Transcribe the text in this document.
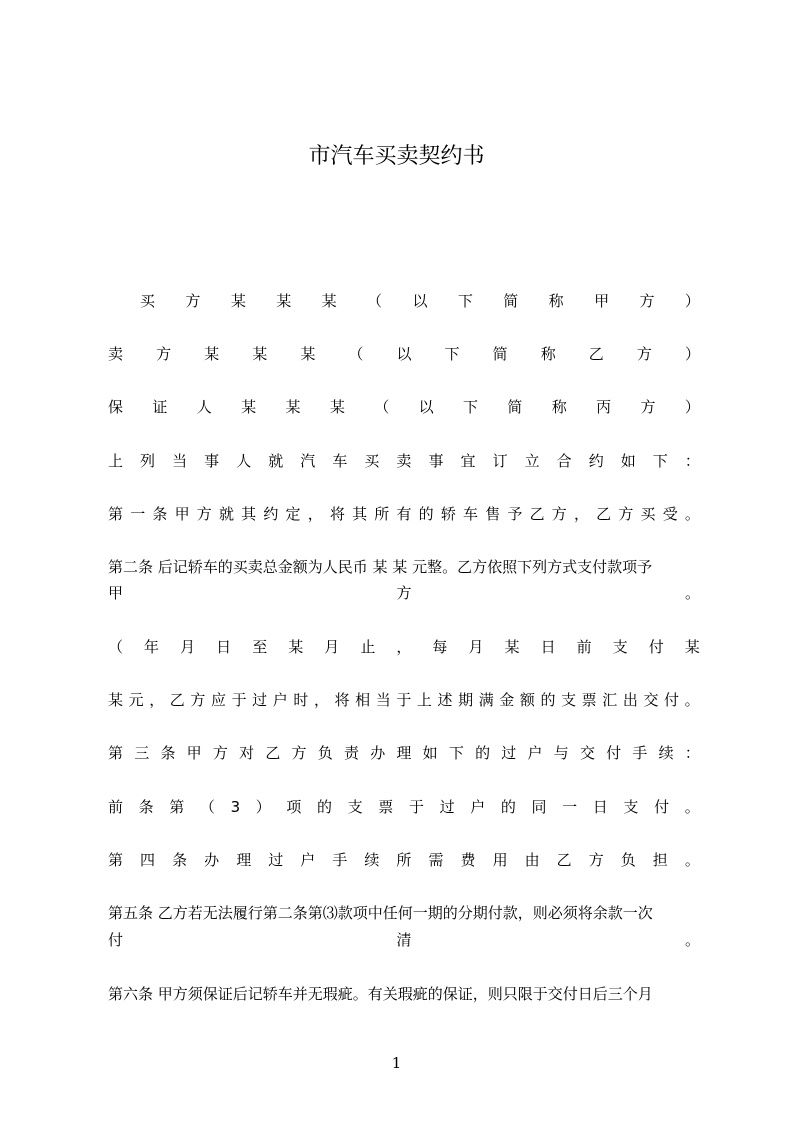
市汽车买卖契约书
买 方 某 某 某 （ 以 下 简 称 甲 方 ）
卖 方 某 某 某 （ 以 下 简 称 乙 方 ）
保 证 人 某 某 某 （ 以 下 简 称 丙 方 ）
上 列 当 事 人 就 汽 车 买 卖 事 宜 订 立 合 约 如 下 ：
第 一 条 甲 方 就 其 约 定 ， 将 其 所 有 的 轿 车 售 予 乙 方 ， 乙 方 买 受 。
第二条 后记轿车的买卖总金额为人民币 某 某 元整。乙方依照下列方式支付款项予
甲	方	。
（ 年 月 日 至 某 月 止 ， 每 月 某 日 前 支 付 某
某 元 ， 乙 方 应 于 过 户 时 ， 将 相 当 于 上 述 期 满 金 额 的 支 票 汇 出 交 付 。
第 三 条 甲 方 对 乙 方 负 责 办 理 如 下 的 过 户 与 交 付 手 续 ：
前 条 第 （ 3 ） 项 的 支 票 于 过 户 的 同 一 日 支 付 。
第 四 条 办 理 过 户 手 续 所 需 费 用 由 乙 方 负 担 。
第五条 乙方若无法履行第二条第⑶款项中任何一期的分期付款，则必须将余款一次
付	清	。
第六条 甲方须保证后记轿车并无瑕疵。有关瑕疵的保证，则只限于交付日后三个月
1
